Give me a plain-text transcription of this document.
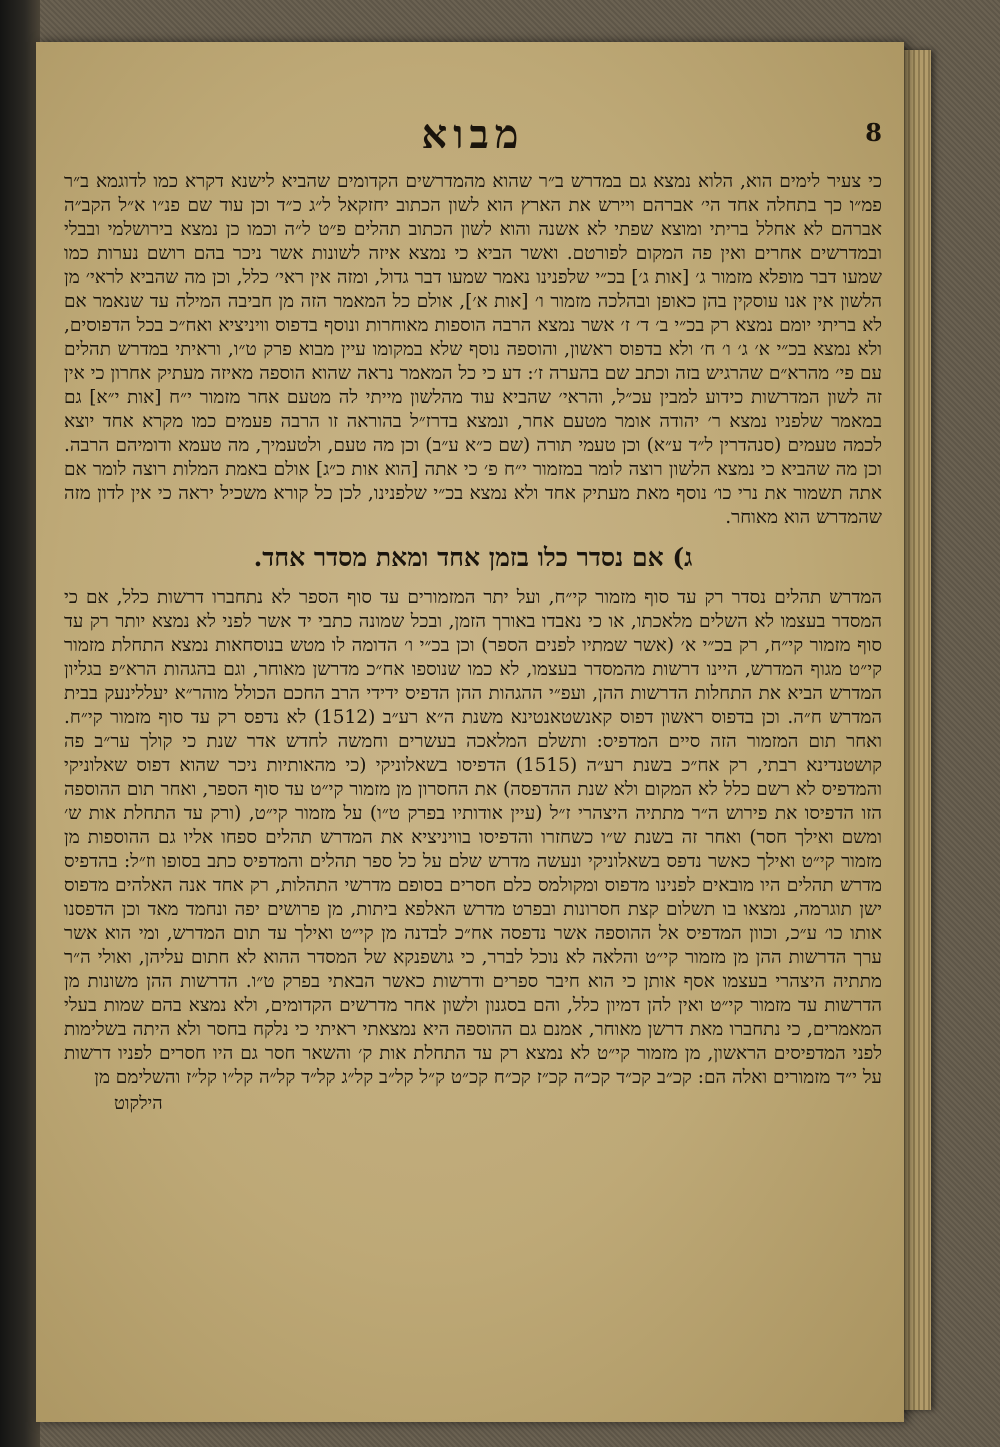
מבוא	8

כי צעיר לימים הוא, הלוא נמצא גם במדרש ב״ר שהוא מהמדרשים הקדומים שהביא לישנא דקרא כמו לדוגמא ב״ר פמ״ו כך בתחלה אחד הי׳ אברהם ויירש את הארץ הוא לשון הכתוב יחזקאל ל״ג כ״ד וכן עוד שם פנ״ו א״ל הקב״ה אברהם לא אחלל בריתי ומוצא שפתי לא אשנה והוא לשון הכתוב תהלים פ״ט ל״ה וכמו כן נמצא בירושלמי ובבלי ובמדרשים אחרים ואין פה המקום לפורטם. ואשר הביא כי נמצא איזה לשונות אשר ניכר בהם רושם נערות כמו שמעו דבר מופלא מזמור ג׳ [אות ג׳] בכ״י שלפנינו נאמר שמעו דבר גדול, ומזה אין ראי׳ כלל, וכן מה שהביא לראי׳ מן הלשון אין אנו עוסקין בהן כאופן ובהלכה מזמור ו׳ [אות א׳], אולם כל המאמר הזה מן חביבה המילה עד שנאמר אם לא בריתי יומם נמצא רק בכ״י ב׳ ד׳ ז׳ אשר נמצא הרבה הוספות מאוחרות ונוסף בדפוס וויניציא ואח״כ בכל הדפוסים, ולא נמצא בכ״י א׳ ג׳ ו׳ ח׳ ולא בדפוס ראשון, והוספה נוסף שלא במקומו עיין מבוא פרק ט״ו, וראיתי במדרש תהלים עם פי׳ מהרא״ם שהרגיש בזה וכתב שם בהערה ז׳: דע כי כל המאמר נראה שהוא הוספה מאיזה מעתיק אחרון כי אין זה לשון המדרשות כידוע למבין עכ״ל, והראי׳ שהביא עוד מהלשון מייתי לה מטעם אחר מזמור י״ח [אות י״א] גם במאמר שלפניו נמצא ר׳ יהודה אומר מטעם אחר, ונמצא בדרז״ל בהוראה זו הרבה פעמים כמו מקרא אחד יוצא לכמה טעמים (סנהדרין ל״ד ע״א) וכן טעמי תורה (שם כ״א ע״ב) וכן מה טעם, ולטעמיך, מה טעמא ודומיהם הרבה. וכן מה שהביא כי נמצא הלשון רוצה לומר במזמור י״ח פ׳ כי אתה [הוא אות כ״ג] אולם באמת המלות רוצה לומר אם אתה תשמור את נרי כו׳ נוסף מאת מעתיק אחד ולא נמצא בכ״י שלפנינו, לכן כל קורא משכיל יראה כי אין לדון מזה שהמדרש הוא מאוחר.

ג) אם נסדר כלו בזמן אחד ומאת מסדר אחד.

המדרש תהלים נסדר רק עד סוף מזמור קי״ח, ועל יתר המזמורים עד סוף הספר לא נתחברו דרשות כלל, אם כי המסדר בעצמו לא השלים מלאכתו, או כי נאבדו באורך הזמן, ובכל שמונה כתבי יד אשר לפני לא נמצא יותר רק עד סוף מזמור קי״ח, רק בכ״י א׳ (אשר שמתיו לפנים הספר) וכן בכ״י ו׳ הדומה לו מטש בנוסחאות נמצא התחלת מזמור קי״ט מגוף המדרש, היינו דרשות מהמסדר בעצמו, לא כמו שנוספו אח״כ מדרשן מאוחר, וגם בהגהות הרא״פ בגליון המדרש הביא את התחלות הדרשות ההן, ועפ״י ההגהות ההן הדפיס ידידי הרב החכם הכולל מוהר״א יעללינעק בבית המדרש ח״ה. וכן בדפוס ראשון דפוס קאנשטאנטינא משנת ה״א רע״ב (1512) לא נדפס רק עד סוף מזמור קי״ח. ואחר תום המזמור הזה סיים המדפיס: ותשלם המלאכה בעשרים וחמשה לחדש אדר שנת כי קולך ער״ב פה קושטנדינא רבתי, רק אח״כ בשנת רע״ה (1515) הדפיסו בשאלוניקי (כי מהאותיות ניכר שהוא דפוס שאלוניקי והמדפיס לא רשם כלל לא המקום ולא שנת ההדפסה) את החסרון מן מזמור קי״ט עד סוף הספר, ואחר תום ההוספה הזו הדפיסו את פירוש ה״ר מתתיה היצהרי ז״ל (עיין אודותיו בפרק ט״ו) על מזמור קי״ט, (ורק עד התחלת אות ש׳ ומשם ואילך חסר) ואחר זה בשנת ש״ו כשחזרו והדפיסו בוויניציא את המדרש תהלים ספחו אליו גם ההוספות מן מזמור קי״ט ואילך כאשר נדפס בשאלוניקי ונעשה מדרש שלם על כל ספר תהלים והמדפיס כתב בסופו וז״ל: בהדפיס מדרש תהלים היו מובאים לפנינו מדפוס ומקולמס כלם חסרים בסופם מדרשי התהלות, רק אחד אנה האלהים מדפוס ישן תוגרמה, נמצאו בו תשלום קצת חסרונות ובפרט מדרש האלפא ביתות, מן פרושים יפה ונחמד מאד וכן הדפסנו אותו כו׳ ע״כ, וכוון המדפיס אל ההוספה אשר נדפסה אח״כ לבדנה מן קי״ט ואילך עד תום המדרש, ומי הוא אשר ערך הדרשות ההן מן מזמור קי״ט והלאה לא נוכל לברר, כי גושפנקא של המסדר ההוא לא חתום עליהן, ואולי ה״ר מתתיה היצהרי בעצמו אסף אותן כי הוא חיבר ספרים ודרשות כאשר הבאתי בפרק ט״ו. הדרשות ההן משונות מן הדרשות עד מזמור קי״ט ואין להן דמיון כלל, והם בסגנון ולשון אחר מדרשים הקדומים, ולא נמצא בהם שמות בעלי המאמרים, כי נתחברו מאת דרשן מאוחר, אמנם גם ההוספה היא נמצאתי ראיתי כי נלקח בחסר ולא היתה בשלימות לפני המדפיסים הראשון, מן מזמור קי״ט לא נמצא רק עד התחלת אות ק׳ והשאר חסר גם היו חסרים לפניו דרשות על י״ד מזמורים ואלה הם: קכ״ב קכ״ד קכ״ה קכ״ז קכ״ח קכ״ט ק״ל קל״ב קל״ג קל״ד קל״ה קל״ו קל״ז והשלימם מן

הילקוט
